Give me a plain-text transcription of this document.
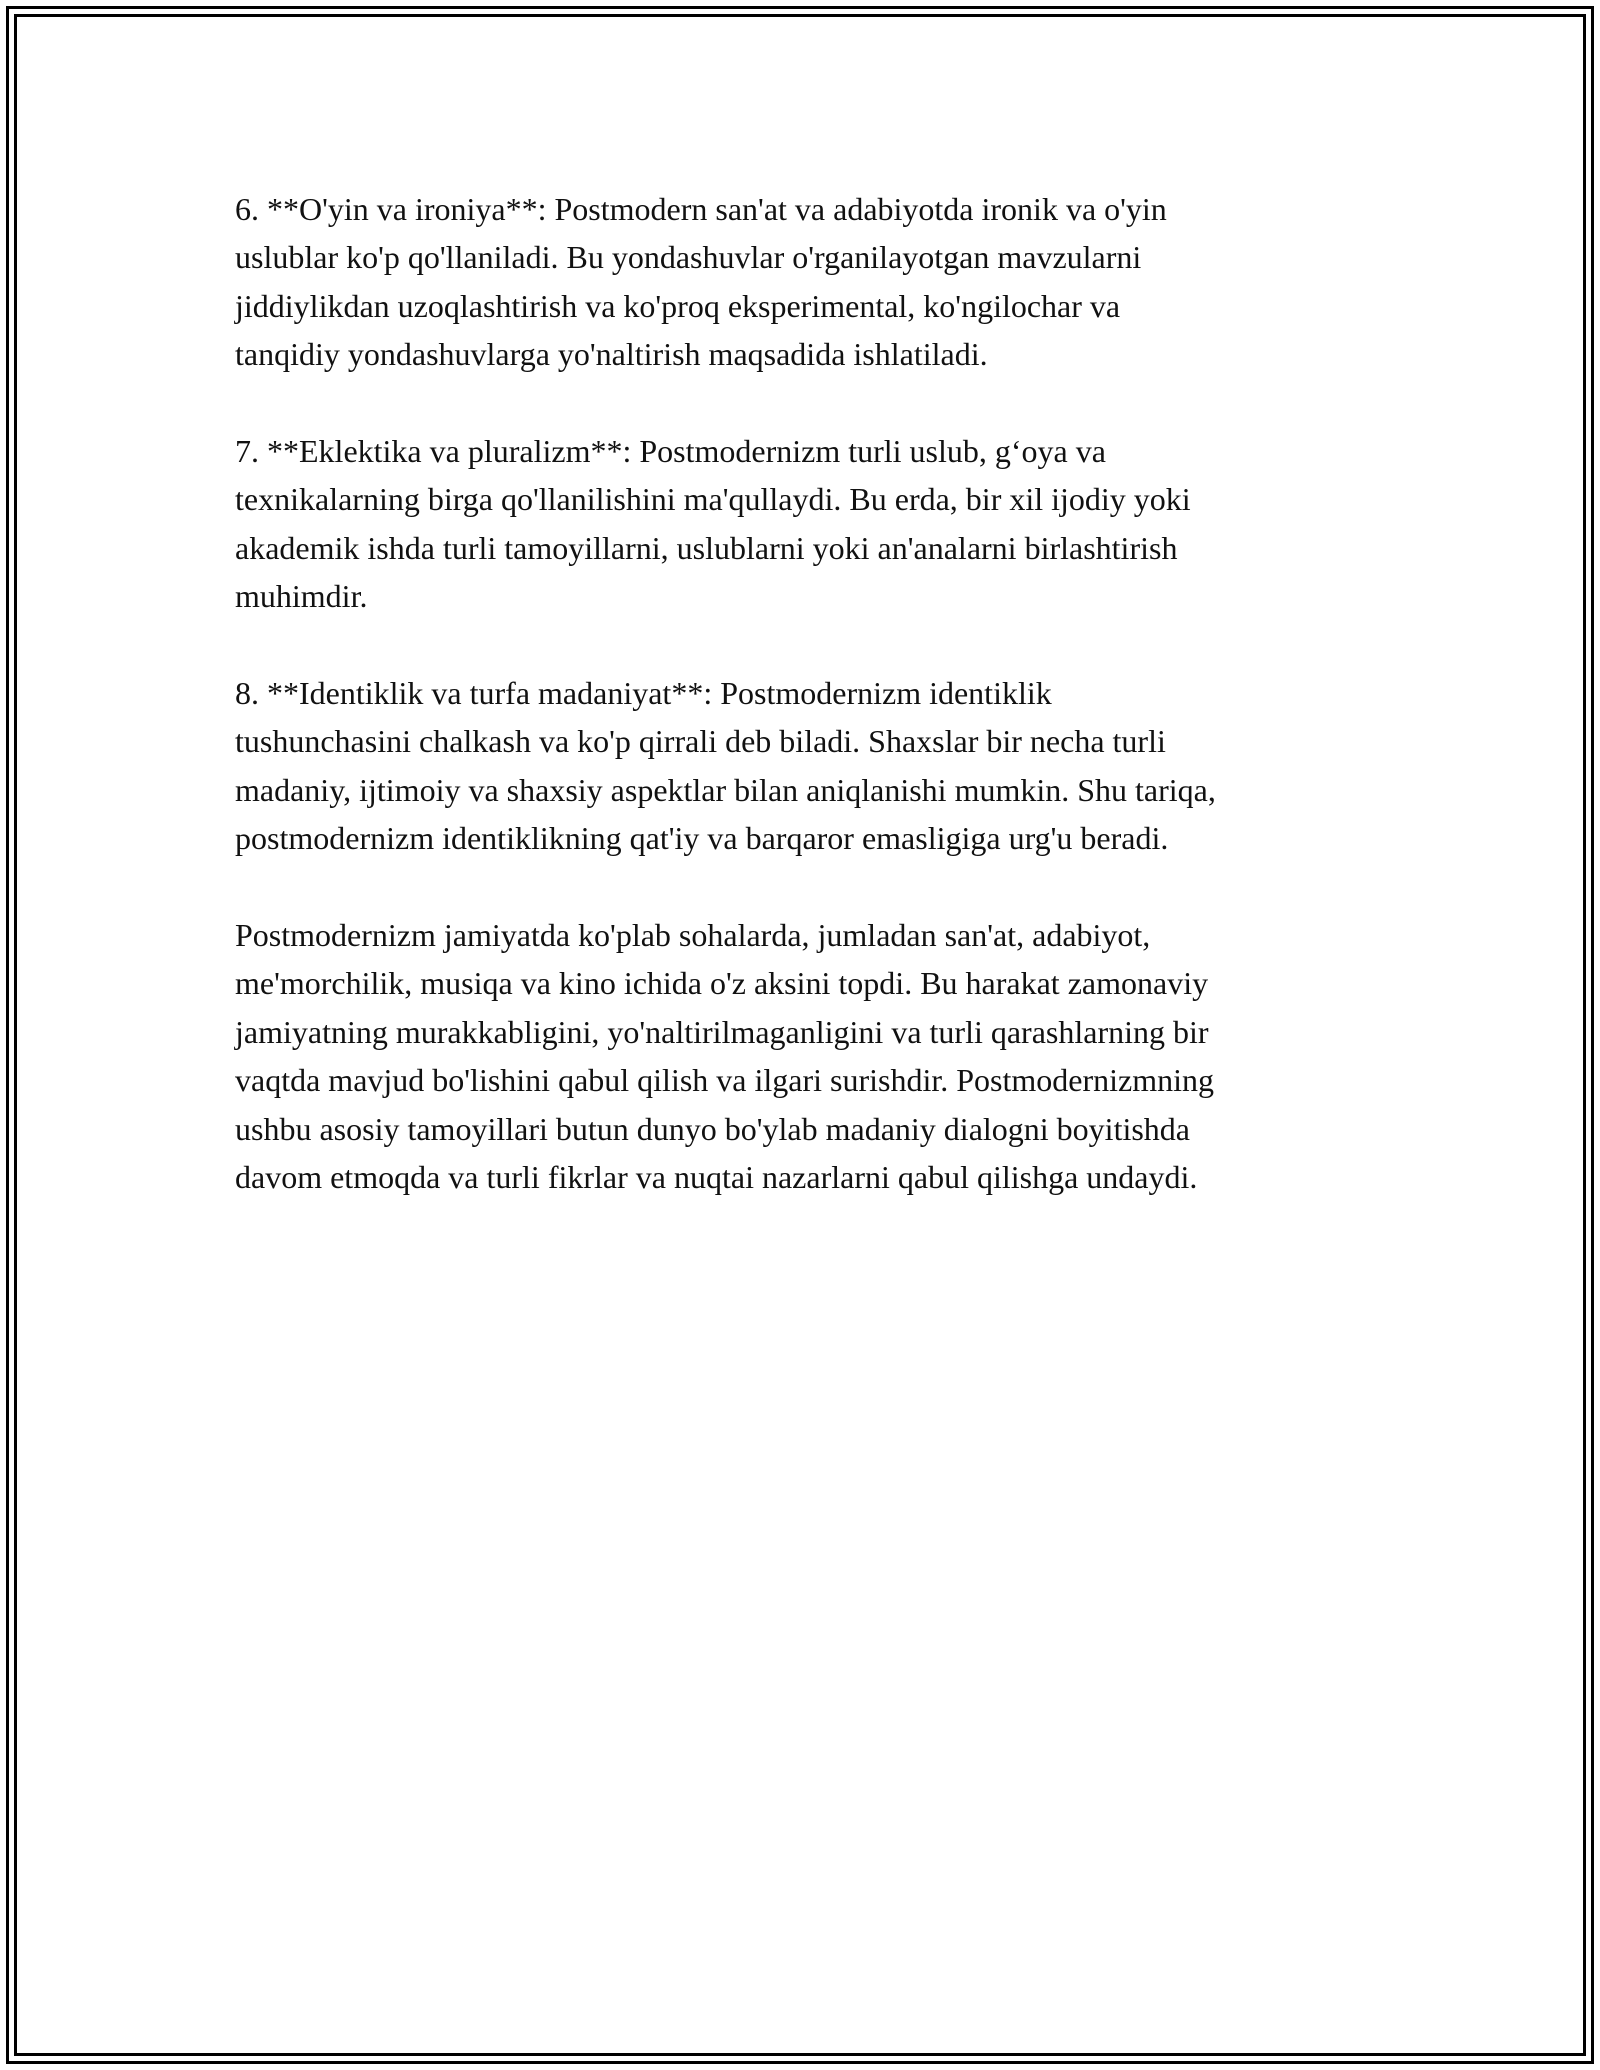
6. **O'yin va ironiya**: Postmodern san'at va adabiyotda ironik va o'yin
uslublar ko'p qo'llaniladi. Bu yondashuvlar o'rganilayotgan mavzularni
jiddiylikdan uzoqlashtirish va ko'proq eksperimental, ko'ngilochar va
tanqidiy yondashuvlarga yo'naltirish maqsadida ishlatiladi.

7. **Eklektika va pluralizm**: Postmodernizm turli uslub, g‘oya va
texnikalarning birga qo'llanilishini ma'qullaydi. Bu erda, bir xil ijodiy yoki
akademik ishda turli tamoyillarni, uslublarni yoki an'analarni birlashtirish
muhimdir.

8. **Identiklik va turfa madaniyat**: Postmodernizm identiklik
tushunchasini chalkash va ko'p qirrali deb biladi. Shaxslar bir necha turli
madaniy, ijtimoiy va shaxsiy aspektlar bilan aniqlanishi mumkin. Shu tariqa,
postmodernizm identiklikning qat'iy va barqaror emasligiga urg'u beradi.

Postmodernizm jamiyatda ko'plab sohalarda, jumladan san'at, adabiyot,
me'morchilik, musiqa va kino ichida o'z aksini topdi. Bu harakat zamonaviy
jamiyatning murakkabligini, yo'naltirilmaganligini va turli qarashlarning bir
vaqtda mavjud bo'lishini qabul qilish va ilgari surishdir. Postmodernizmning
ushbu asosiy tamoyillari butun dunyo bo'ylab madaniy dialogni boyitishda
davom etmoqda va turli fikrlar va nuqtai nazarlarni qabul qilishga undaydi.
